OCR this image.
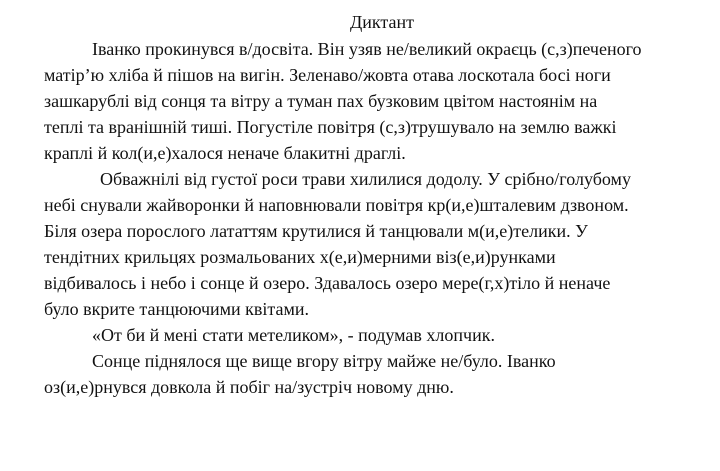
Диктант
Іванко прокинувся в/досвіта. Він узяв не/великий окраєць (с,з)печеного
матір’ю хліба й пішов на вигін. Зеленаво/жовта отава лоскотала босі ноги
зашкарублі від сонця та вітру а туман пах бузковим цвітом настоянім на
теплі та вранішній тиші. Погустіле повітря (с,з)трушувало на землю важкі
краплі й кол(и,е)халося неначе блакитні драглі.
Обважнілі від густої роси трави хилилися додолу. У срібно/голубому
небі снували жайворонки й наповнювали повітря кр(и,е)шталевим дзвоном.
Біля озера порослого лататтям крутилися й танцювали м(и,е)телики. У
тендітних крильцях розмальованих х(е,и)мерними віз(е,и)рунками
відбивалось і небо і сонце й озеро. Здавалось озеро мере(г,х)тіло й неначе
було вкрите танцюючими квітами.
«От би й мені стати метеликом», - подумав хлопчик.
Сонце піднялося ще вище вгору вітру майже не/було. Іванко
оз(и,е)рнувся довкола й побіг на/зустріч новому дню.
